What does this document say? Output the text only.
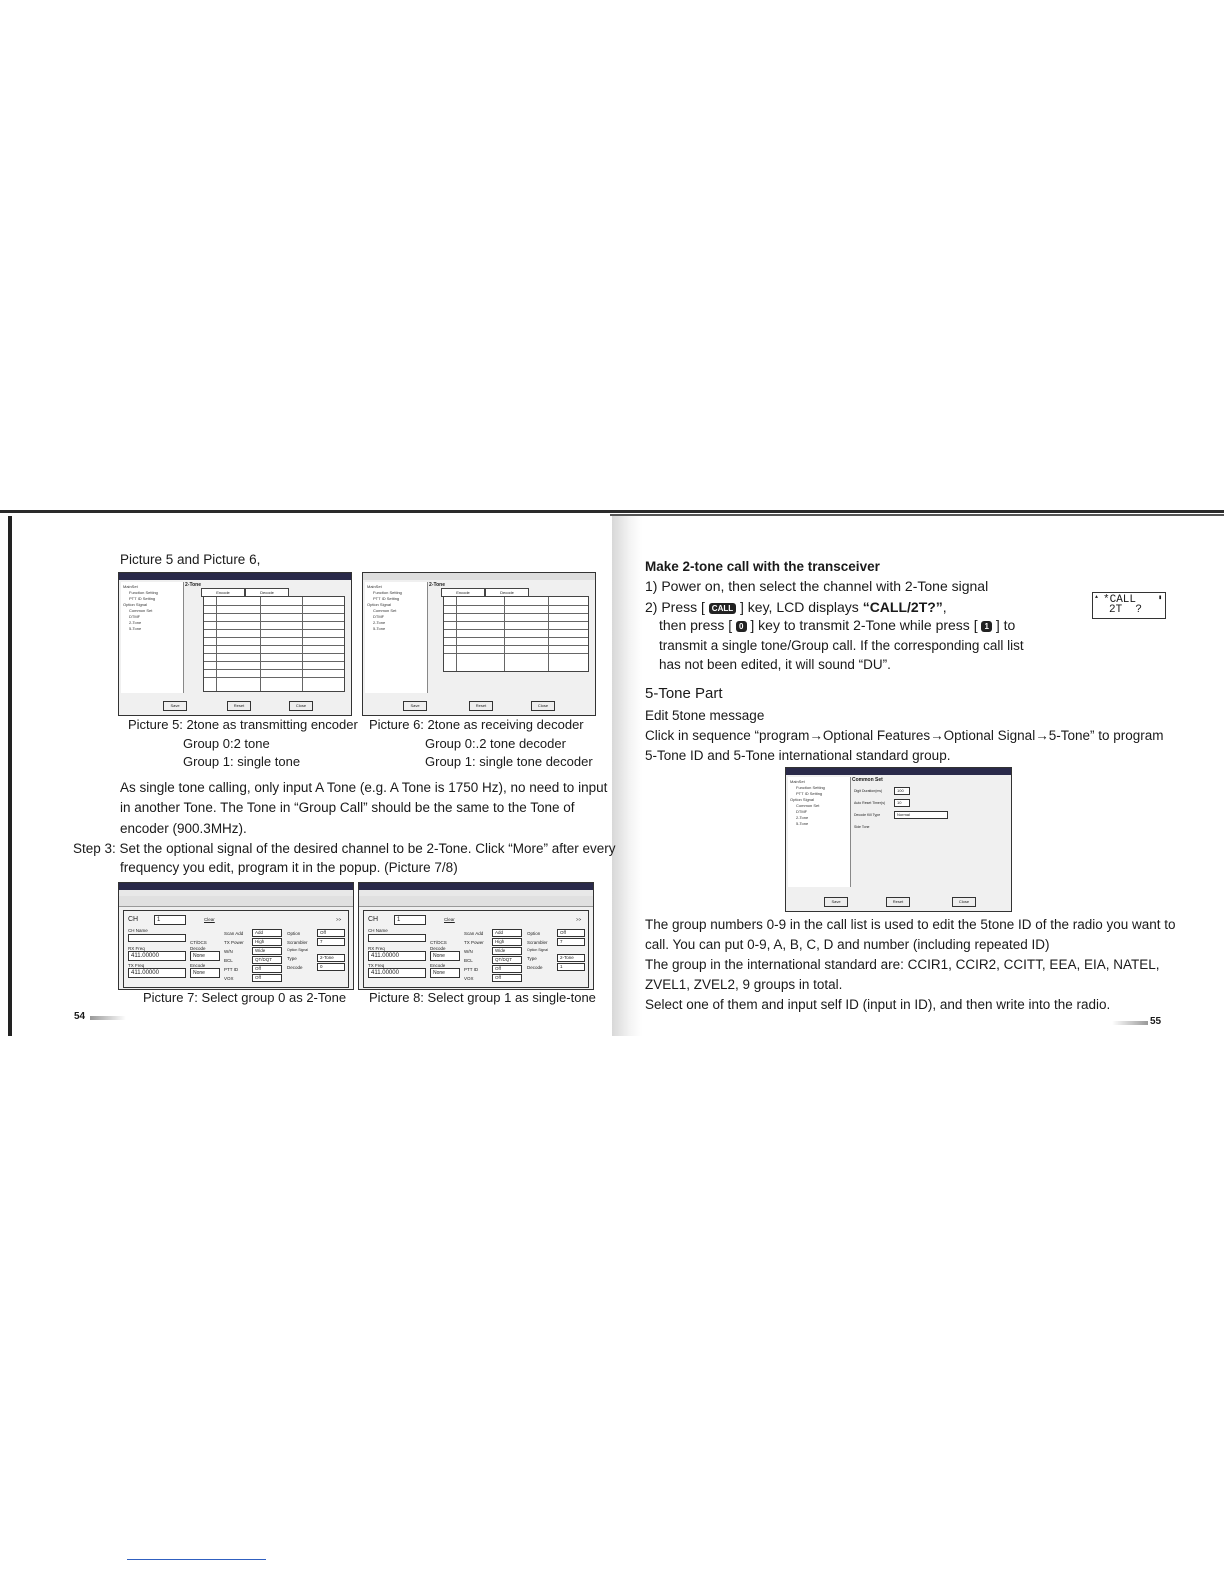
Picture 5 and Picture 6,
MainSet
Function Setting
PTT ID Setting
Option Signal
Common Set
DTMF
2-Tone
5-Tone
2-Tone
Encode	Decode
Save	Reset	Close
MainSet
Function Setting
PTT ID Setting
Option Signal
Common Set
DTMF
2-Tone
5-Tone
2-Tone
Encode	Decode
Save	Reset	Close
Picture 5: 2tone as transmitting encoder
Group 0:2 tone
Group 1: single tone
Picture 6: 2tone as receiving decoder
Group 0:.2 tone decoder
Group 1: single tone decoder
As single tone calling, only input A Tone (e.g. A Tone is 1750 Hz), no need to input
in another Tone. The Tone in “Group Call” should be the same to the Tone of
encoder (900.3MHz).
Step 3: Set the optional signal of the desired channel to be 2-Tone. Click “More” after every
frequency you edit, program it in the popup. (Picture 7/8)
CH	1	Clear	>>
CH Name
RX Freq
411.00000
TX Freq
411.00000
CT/DCS
Decode
None
Encode
None
Scan Add	Add
TX Power	High
W/N	Wide
BCL	QT/DQT
PTT ID	Off
VOX	Off
Option	Off
Scrambler	7
Option Signal
Type	2-Tone
Decode	0
CH	1	Clear	>>
CH Name
RX Freq
411.00000
TX Freq
411.00000
CT/DCS
Decode
None
Encode
None
Scan Add	Add
TX Power	High
W/N	Wide
BCL	QT/DQT
PTT ID	Off
VOX	Off
Option	Off
Scrambler	7
Option Signal
Type	2-Tone
Decode	1
Picture 7: Select group 0 as 2-Tone Picture 8: Select group 1 as single-tone
54
Make 2-tone call with the transceiver
1) Power on, then select the channel with 2-Tone signal
2) Press [ CALL ] key, LCD displays “CALL/2T?”,
then press [ 0 ] key to transmit 2-Tone while press [ 1 ] to
transmit a single tone/Group call. If the corresponding call list
has not been edited, it will sound “DU”.
▲	▮
*CALL
2T  ?
5-Tone Part
Edit 5tone message
Click in sequence “program→Optional Features→Optional Signal→5-Tone” to program
5-Tone ID and 5-Tone international standard group.
MainSet
Function Setting
PTT ID Setting
Option Signal
Common Set
DTMF
2-Tone
5-Tone
Common Set
Digit Duration(ms)	100
Auto Reset Timer(s)	10
Decode Kill Type	Normal
Side Tone
Save	Reset	Close
The group numbers 0-9 in the call list is used to edit the 5tone ID of the radio you want to
call. You can put 0-9, A, B, C, D and number (including repeated ID)
The group in the international standard are: CCIR1, CCIR2, CCITT, EEA, EIA, NATEL,
ZVEL1, ZVEL2, 9 groups in total.
Select one of them and input self ID (input in ID), and then write into the radio.
55
